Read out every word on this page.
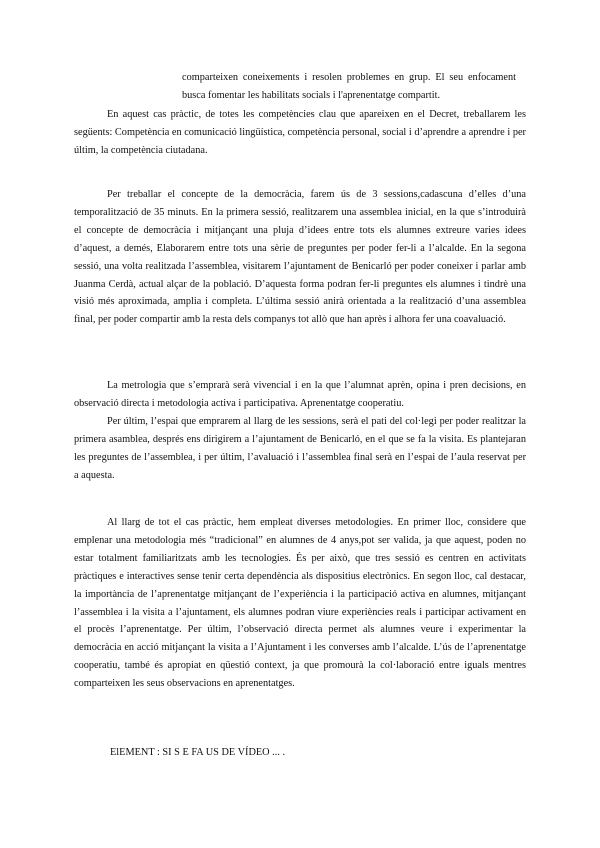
comparteixen coneixements i resolen problemes en grup. El seu enfocament busca fomentar les habilitats socials i l'aprenentatge compartit.

En aquest cas pràctic, de totes les competències clau que apareixen en el Decret, treballarem les següents: Competència en comunicació lingüística, competència personal, social i d’aprendre a aprendre i per últim, la competència ciutadana.

Per treballar el concepte de la democràcia, farem ús de 3 sessions,cadascuna d’elles d’una temporalització de 35 minuts. En la primera sessió, realitzarem una assemblea inicial, en la que s’introduirà el concepte de democràcia i mitjançant una pluja d’idees entre tots els alumnes extreure varies idees d’aquest, a demés, Elaborarem entre tots una sèrie de preguntes per poder fer-li a l’alcalde. En la segona sessió, una volta realitzada l’assemblea, visitarem l’ajuntament de Benicarló per poder coneixer i parlar amb Juanma Cerdà, actual alçar de la població. D’aquesta forma podran fer-li preguntes els alumnes i tindrè una visió més aproximada, amplia i completa. L’última sessió anirà orientada a la realització d’una assemblea final, per poder compartir amb la resta dels companys tot allò que han après i alhora fer una coavaluació.

La metrologia que s’emprarà serà vivencial i en la que l’alumnat aprèn, opina i pren decisions, en observació directa i metodologia activa i participativa. Aprenentatge cooperatiu.

Per últim, l’espai que emprarem al llarg de les sessions, serà el pati del col·legi per poder realitzar la primera asamblea, després ens dirigirem a l’ajuntament de Benicarló, en el que se fa la visita. Es plantejaran les preguntes de l’assemblea, i per últim, l’avaluació i l’assemblea final serà en l’espai de l’aula reservat per a aquesta.

Al llarg de tot el cas pràctic, hem empleat diverses metodologies. En primer lloc, considere que emplenar una metodologia més “tradicional” en alumnes de 4 anys,pot ser valida, ja que aquest, poden no estar totalment familiaritzats amb les tecnologies. És per això, que tres sessió es centren en activitats pràctiques e interactives sense tenir certa dependència als dispositius electrònics. En segon lloc, cal destacar, la importància de l’aprenentatge mitjançant de l’experiència i la participació activa en alumnes, mitjançant l’assemblea i la visita a l’ajuntament, els alumnes podran viure experiències reals i participar activament en el procès l’aprenentatge. Per últim, l’observació directa permet als alumnes veure i experimentar la democràcia en acció mitjançant la visita a l’Ajuntament i les converses amb l’alcalde. L’ús de l’aprenentatge cooperatiu, també és apropiat en qüestió context, ja que promourà la col·laboració entre iguals mentres comparteixen les seus observacions en aprenentatges.

ElEMENT : SI S E FA US DE VÍDEO ... .
